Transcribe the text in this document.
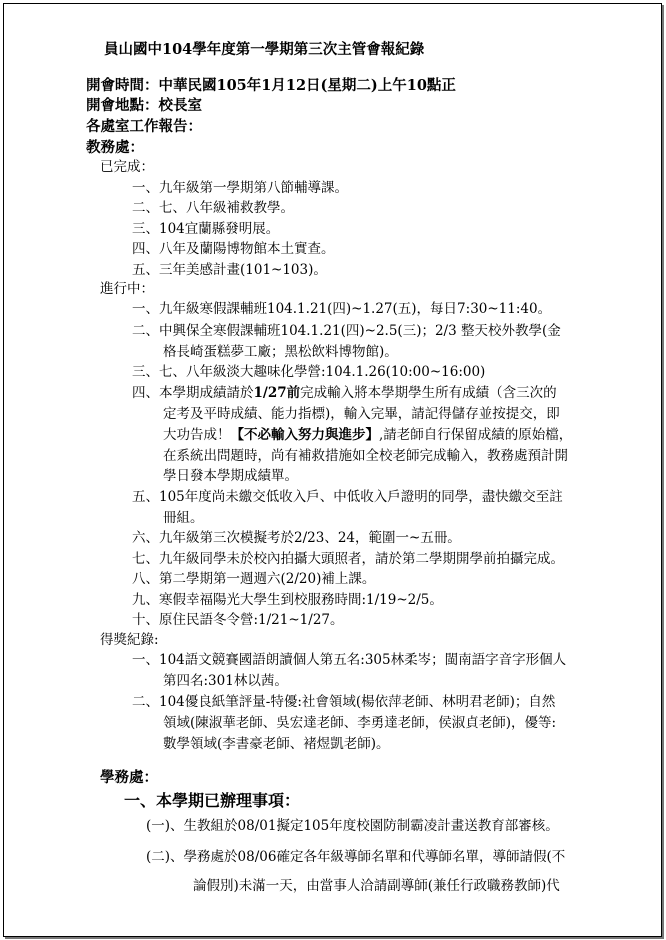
員山國中104學年度第一學期第三次主管會報紀錄
開會時間：中華民國105年1月12日(星期二)上午10點正
開會地點：校長室
各處室工作報告：
教務處：
已完成：
一、九年級第一學期第八節輔導課。
二、七、八年級補救教學。
三、104宜蘭縣發明展。
四、八年及蘭陽博物館本土實查。
五、三年美感計畫(101~103)。
進行中：
一、九年級寒假課輔班104.1.21(四)~1.27(五)，每日7:30~11:40。
二、中興保全寒假課輔班104.1.21(四)~2.5(三)；2/3 整天校外教學(金
格長崎蛋糕夢工廠；黑松飲料博物館)。
三、七、八年級淡大趣味化學營:104.1.26(10:00~16:00)
四、本學期成績請於1/27前完成輸入將本學期學生所有成績（含三次的
定考及平時成績、能力指標)，輸入完畢，請記得儲存並按提交，即
大功告成！【不必輸入努力與進步】,請老師自行保留成績的原始檔，
在系統出問題時，尚有補救措施如全校老師完成輸入，教務處預計開
學日發本學期成績單。
五、105年度尚未繳交低收入戶、中低收入戶證明的同學，盡快繳交至註
冊組。
六、九年級第三次模擬考於2/23、24，範圍一~五冊。
七、九年級同學未於校內拍攝大頭照者，請於第二學期開學前拍攝完成。
八、第二學期第一週週六(2/20)補上課。
九、寒假幸福陽光大學生到校服務時間:1/19~2/5。
十、原住民語冬令營:1/21~1/27。
得獎紀錄:
一、104語文競賽國語朗讀個人第五名:305林柔岑；閩南語字音字形個人
第四名:301林以茜。
二、104優良紙筆評量-特優:社會領域(楊依萍老師、林明君老師)；自然
領域(陳淑華老師、吳宏達老師、李勇達老師，侯淑貞老師)，優等:
數學領域(李書豪老師、褚煜凱老師)。
學務處：
一、本學期已辦理事項：
(一)、生教組於08/01擬定105年度校園防制霸凌計畫送教育部審核。
(二)、學務處於08/06確定各年級導師名單和代導師名單，導師請假(不
論假別)未滿一天，由當事人洽請副導師(兼任行政職務教師)代
